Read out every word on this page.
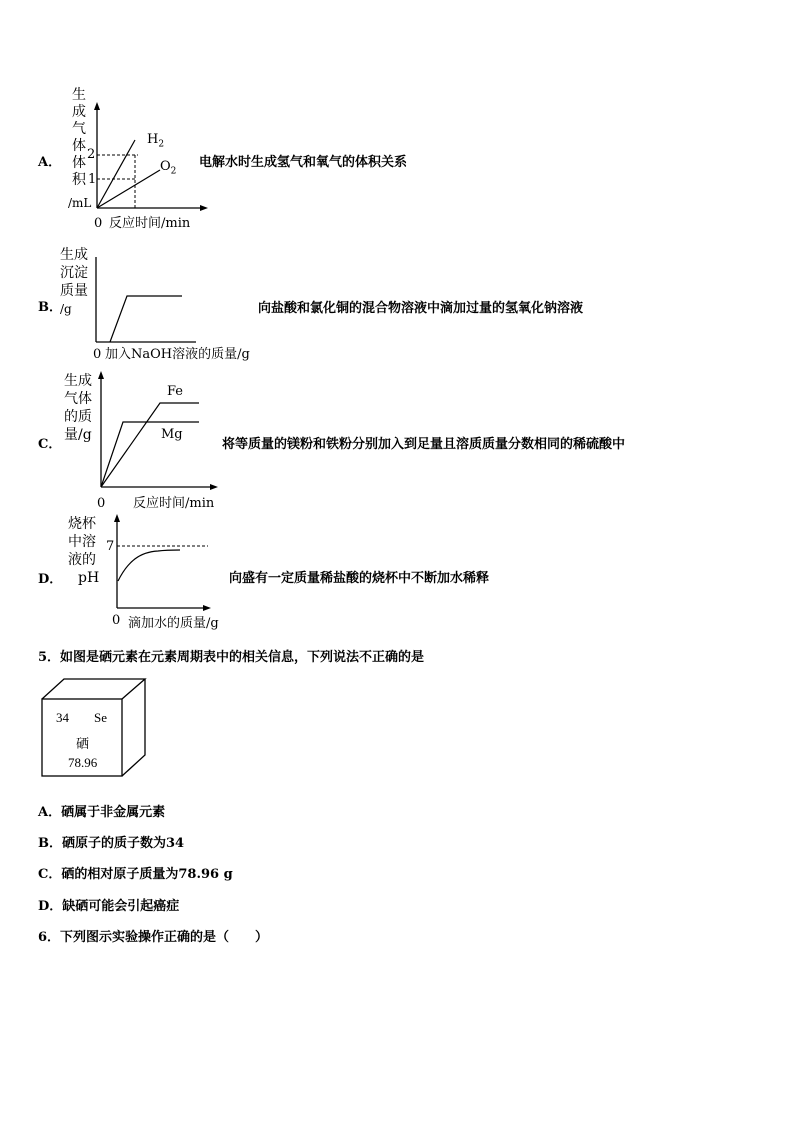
A．
生
成
气
体
体
积
/mL
2
1
0 反应时间/min
$H_2$
$O_2$
电解水时生成氢气和氧气的体积关系
B．
生成
沉淀
质量
/g
0 加入NaOH溶液的质量/g
向盐酸和氯化铜的混合物溶液中滴加过量的氢氧化钠溶液
C．
生成
气体
的质
量/g
Fe
Mg
0 反应时间/min
将等质量的镁粉和铁粉分别加入到足量且溶质质量分数相同的稀硫酸中
D．
烧杯
中溶
液的
pH
7
0 滴加水的质量/g
向盛有一定质量稀盐酸的烧杯中不断加水稀释
5．如图是硒元素在元素周期表中的相关信息，下列说法不正确的是
34 Se
硒
78.96
A．硒属于非金属元素
B．硒原子的质子数为34
C．硒的相对原子质量为78.96 g
D．缺硒可能会引起癌症
6．下列图示实验操作正确的是（　　）
